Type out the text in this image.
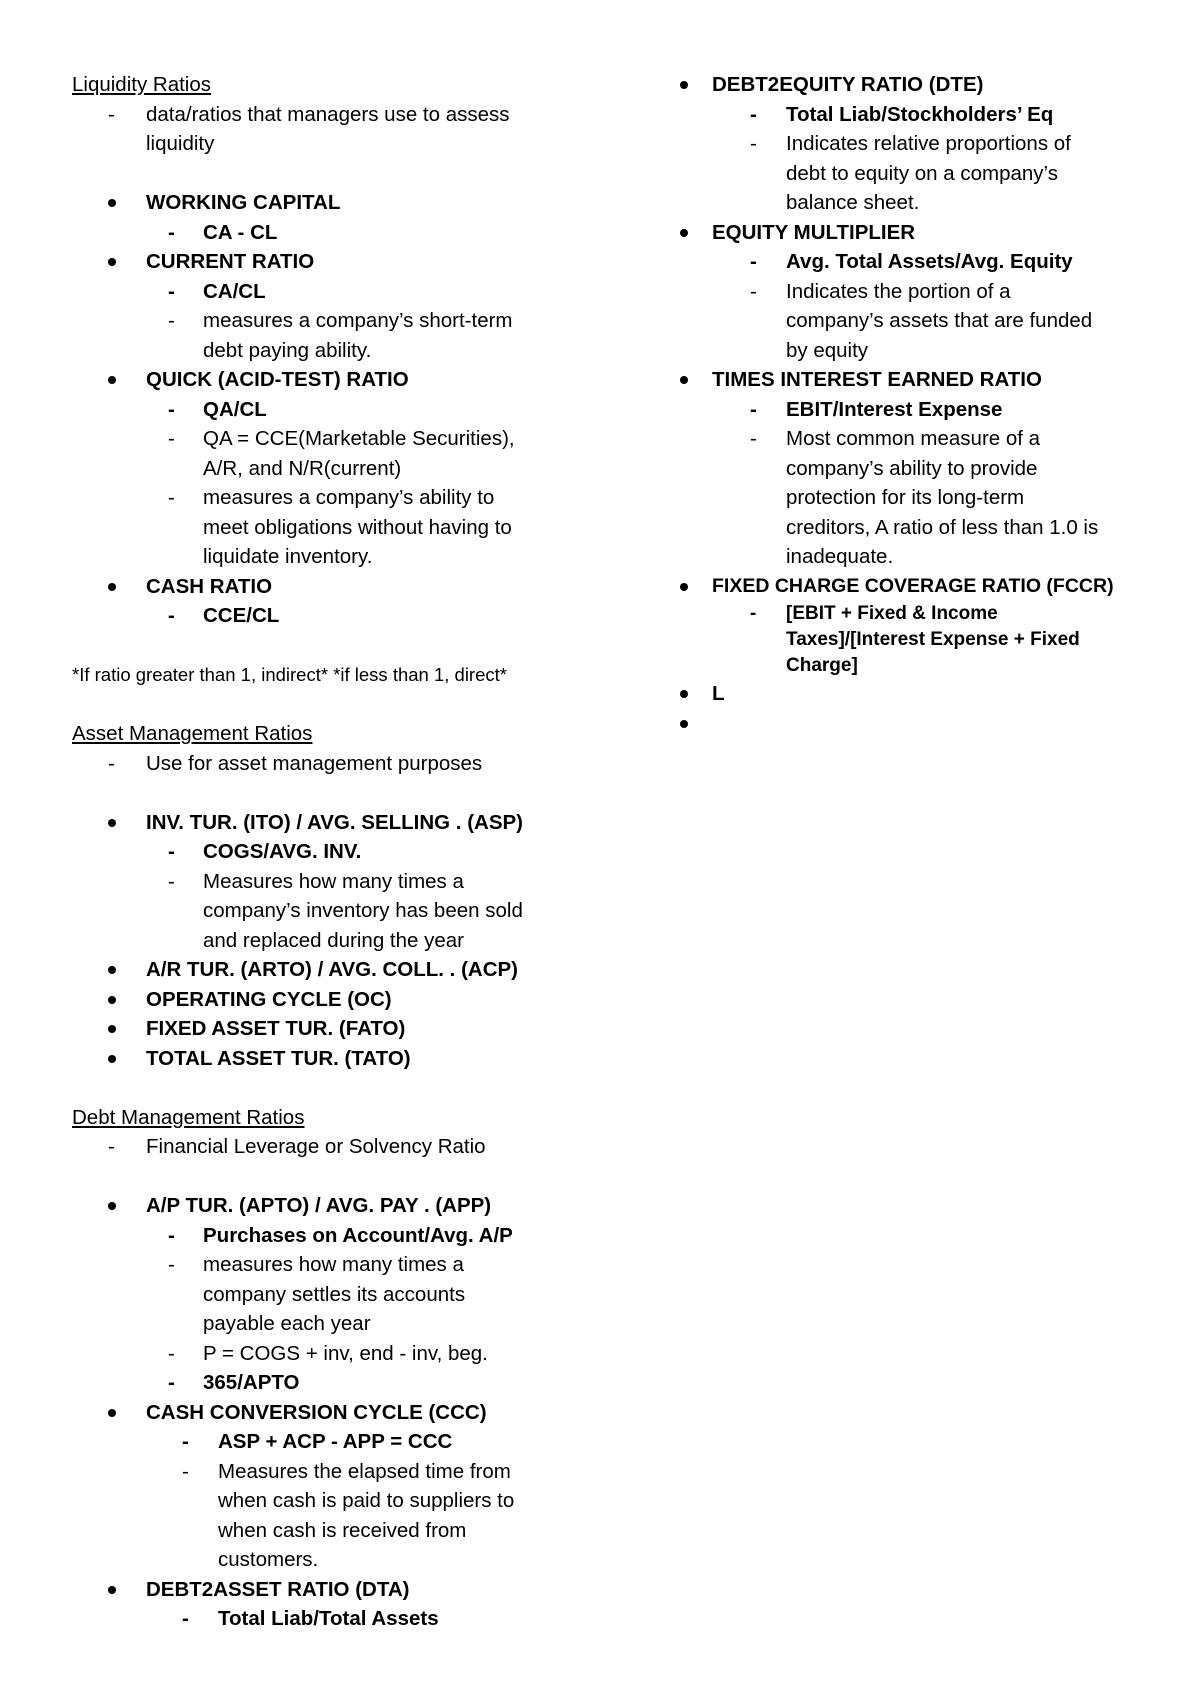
Liquidity Ratios
- data/ratios that managers use to assess
liquidity
WORKING CAPITAL
- CA - CL
CURRENT RATIO
- CA/CL
- measures a company’s short-term
debt paying ability.
QUICK (ACID-TEST) RATIO
- QA/CL
- QA = CCE(Marketable Securities),
A/R, and N/R(current)
- measures a company’s ability to
meet obligations without having to
liquidate inventory.
CASH RATIO
- CCE/CL
*If ratio greater than 1, indirect* *if less than 1, direct*
Asset Management Ratios
- Use for asset management purposes
INV. TUR. (ITO) / AVG. SELLING . (ASP)
- COGS/AVG. INV.
- Measures how many times a
company’s inventory has been sold
and replaced during the year
A/R TUR. (ARTO) / AVG. COLL. . (ACP)
OPERATING CYCLE (OC)
FIXED ASSET TUR. (FATO)
TOTAL ASSET TUR. (TATO)
Debt Management Ratios
- Financial Leverage or Solvency Ratio
A/P TUR. (APTO) / AVG. PAY . (APP)
- Purchases on Account/Avg. A/P
- measures how many times a
company settles its accounts
payable each year
- P = COGS + inv, end - inv, beg.
- 365/APTO
CASH CONVERSION CYCLE (CCC)
- ASP + ACP - APP = CCC
- Measures the elapsed time from
when cash is paid to suppliers to
when cash is received from
customers.
DEBT2ASSET RATIO (DTA)
- Total Liab/Total Assets
DEBT2EQUITY RATIO (DTE)
- Total Liab/Stockholders’ Eq
- Indicates relative proportions of
debt to equity on a company’s
balance sheet.
EQUITY MULTIPLIER
- Avg. Total Assets/Avg. Equity
- Indicates the portion of a
company’s assets that are funded
by equity
TIMES INTEREST EARNED RATIO
- EBIT/Interest Expense
- Most common measure of a
company’s ability to provide
protection for its long-term
creditors, A ratio of less than 1.0 is
inadequate.
FIXED CHARGE COVERAGE RATIO (FCCR)
- [EBIT + Fixed & Income
Taxes]/[Interest Expense + Fixed
Charge]
L
